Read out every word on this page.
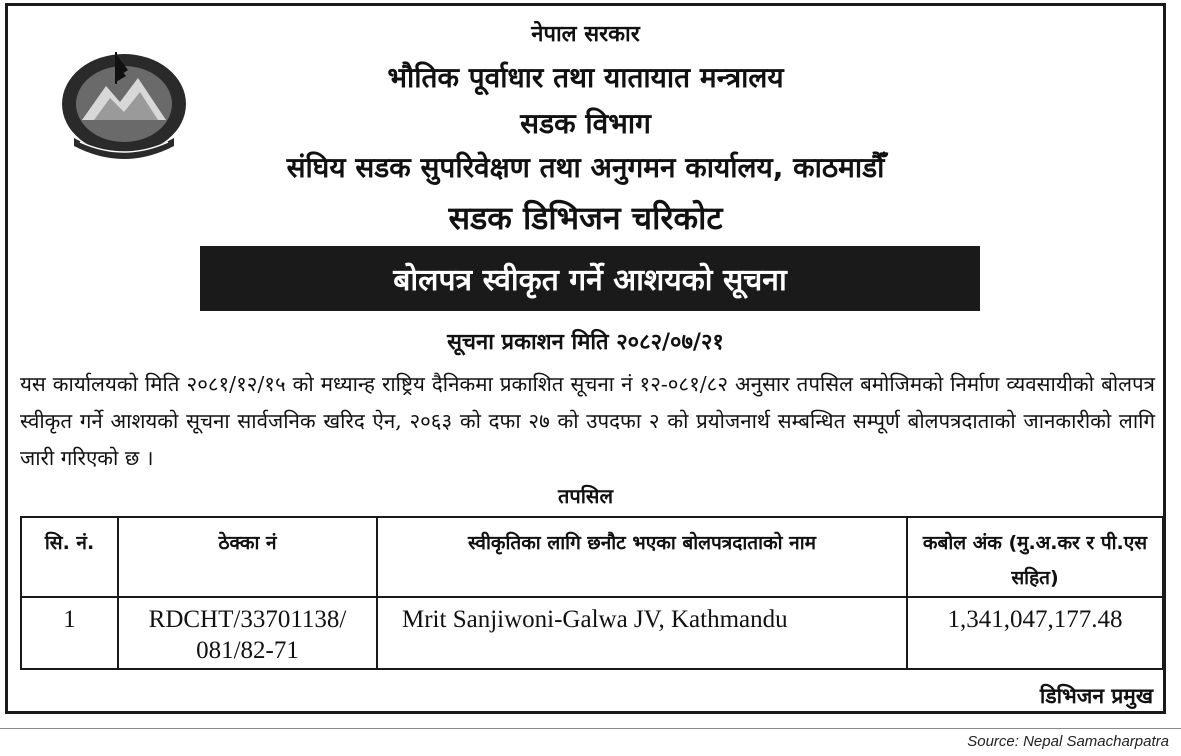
नेपाल सरकार
भौतिक पूर्वाधार तथा यातायात मन्त्रालय
सडक विभाग
संघिय सडक सुपरिवेक्षण तथा अनुगमन कार्यालय, काठमाडौँ
सडक डिभिजन चरिकोट
बोलपत्र स्वीकृत गर्ने आशयको सूचना
सूचना प्रकाशन मिति २०८२/०७/२१
यस कार्यालयको मिति २०८१/१२/१५ को मध्यान्ह राष्ट्रिय दैनिकमा प्रकाशित सूचना नं १२-०८१/८२ अनुसार तपसिल बमोजिमको निर्माण व्यवसायीको बोलपत्र स्वीकृत गर्ने आशयको सूचना सार्वजनिक खरिद ऐन, २०६३ को दफा २७ को उपदफा २ को प्रयोजनार्थ सम्बन्धित सम्पूर्ण बोलपत्रदाताको जानकारीको लागि जारी गरिएको छ ।
तपसिल
सि. नं.	ठेक्का नं	स्वीकृतिका लागि छनौट भएका बोलपत्रदाताको नाम	कबोल अंक (मु.अ.कर र पी.एस सहित)
1	RDCHT/33701138/ 081/82-71	Mrit Sanjiwoni-Galwa JV, Kathmandu	1,341,047,177.48
डिभिजन प्रमुख
Source: Nepal Samacharpatra
